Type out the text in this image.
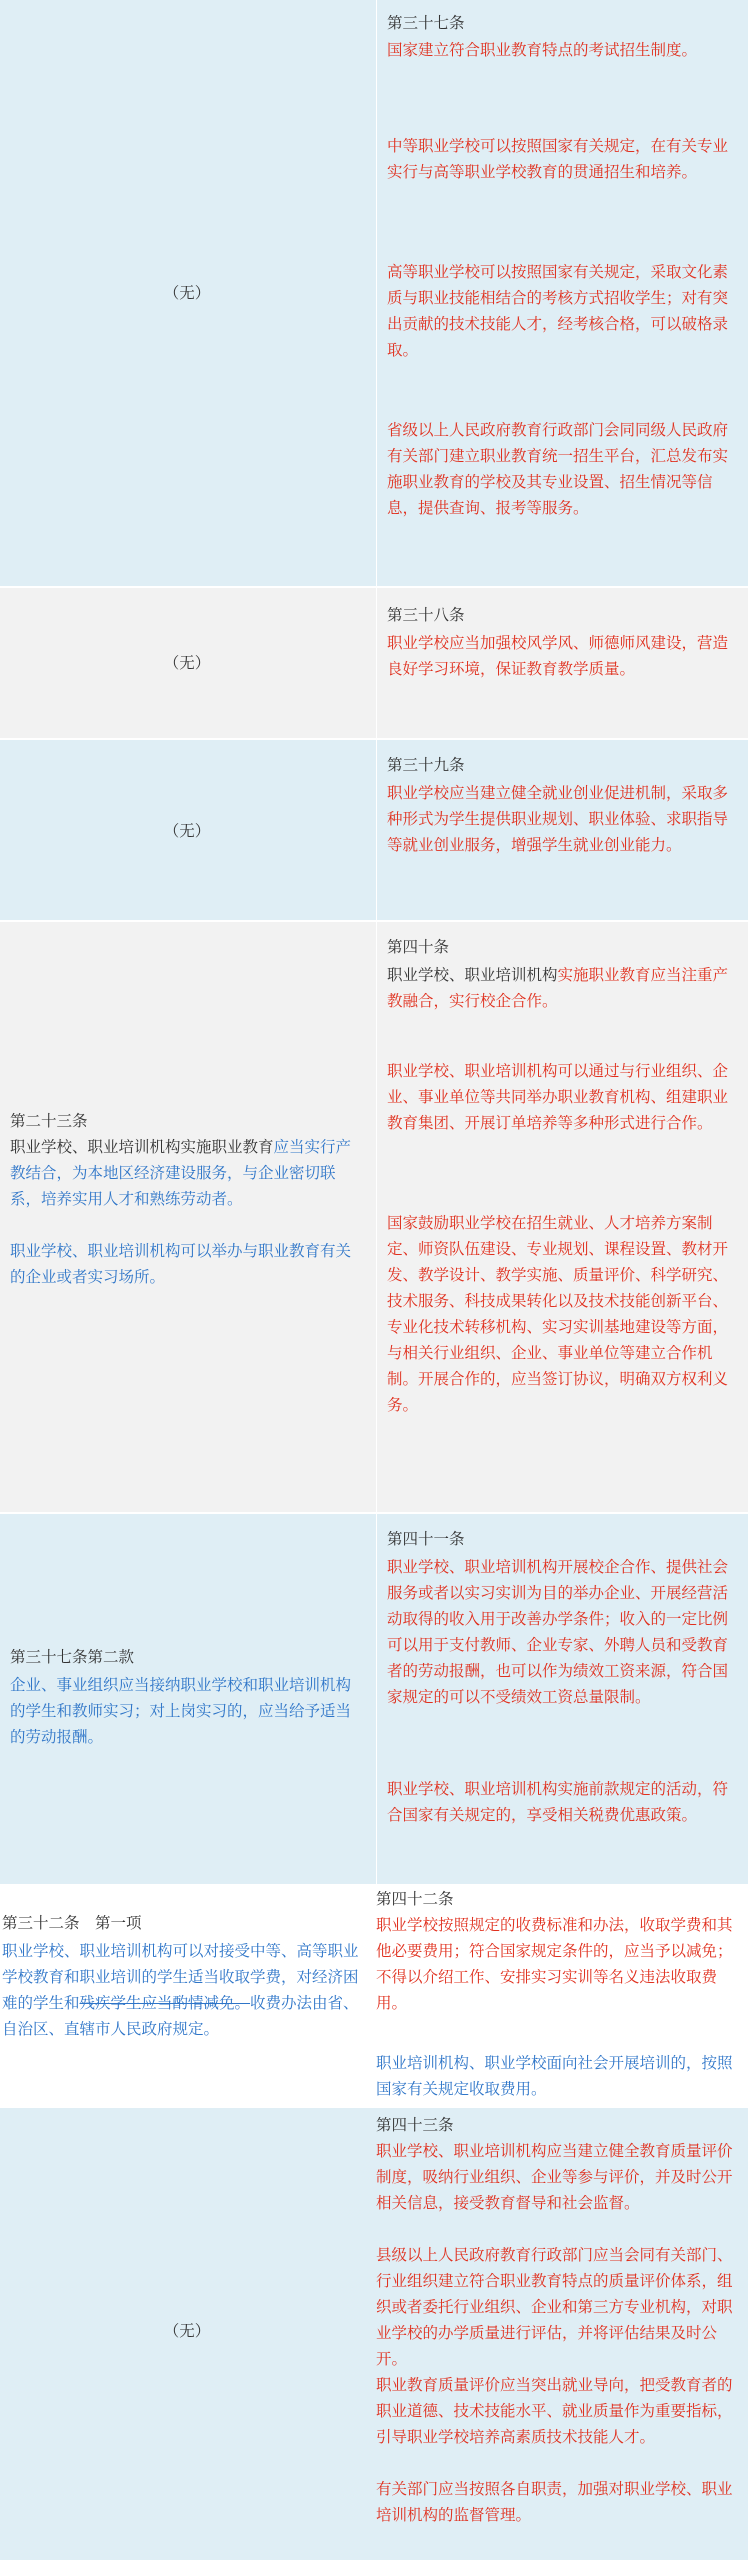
（无）
第三十七条
国家建立符合职业教育特点的考试招生制度。
中等职业学校可以按照国家有关规定，在有关专业实行与高等职业学校教育的贯通招生和培养。
高等职业学校可以按照国家有关规定，采取文化素质与职业技能相结合的考核方式招收学生；对有突出贡献的技术技能人才，经考核合格，可以破格录取。
省级以上人民政府教育行政部门会同同级人民政府有关部门建立职业教育统一招生平台，汇总发布实施职业教育的学校及其专业设置、招生情况等信息，提供查询、报考等服务。
（无）
第三十八条
职业学校应当加强校风学风、师德师风建设，营造良好学习环境，保证教育教学质量。
（无）
第三十九条
职业学校应当建立健全就业创业促进机制，采取多种形式为学生提供职业规划、职业体验、求职指导等就业创业服务，增强学生就业创业能力。
第二十三条
职业学校、职业培训机构实施职业教育应当实行产教结合，为本地区经济建设服务，与企业密切联系，培养实用人才和熟练劳动者。
职业学校、职业培训机构可以举办与职业教育有关的企业或者实习场所。
第四十条
职业学校、职业培训机构实施职业教育应当注重产教融合，实行校企合作。
职业学校、职业培训机构可以通过与行业组织、企业、事业单位等共同举办职业教育机构、组建职业教育集团、开展订单培养等多种形式进行合作。
国家鼓励职业学校在招生就业、人才培养方案制定、师资队伍建设、专业规划、课程设置、教材开发、教学设计、教学实施、质量评价、科学研究、技术服务、科技成果转化以及技术技能创新平台、专业化技术转移机构、实习实训基地建设等方面，与相关行业组织、企业、事业单位等建立合作机制。开展合作的，应当签订协议，明确双方权利义务。
第三十七条第二款
企业、事业组织应当接纳职业学校和职业培训机构的学生和教师实习；对上岗实习的，应当给予适当的劳动报酬。
第四十一条
职业学校、职业培训机构开展校企合作、提供社会服务或者以实习实训为目的举办企业、开展经营活动取得的收入用于改善办学条件；收入的一定比例可以用于支付教师、企业专家、外聘人员和受教育者的劳动报酬，也可以作为绩效工资来源，符合国家规定的可以不受绩效工资总量限制。
职业学校、职业培训机构实施前款规定的活动，符合国家有关规定的，享受相关税费优惠政策。
第三十二条　第一项
职业学校、职业培训机构可以对接受中等、高等职业学校教育和职业培训的学生适当收取学费，对经济困难的学生和残疾学生应当酌情减免。收费办法由省、自治区、直辖市人民政府规定。
第四十二条
职业学校按照规定的收费标准和办法，收取学费和其他必要费用；符合国家规定条件的，应当予以减免；不得以介绍工作、安排实习实训等名义违法收取费用。
职业培训机构、职业学校面向社会开展培训的，按照国家有关规定收取费用。
（无）
第四十三条
职业学校、职业培训机构应当建立健全教育质量评价制度，吸纳行业组织、企业等参与评价，并及时公开相关信息，接受教育督导和社会监督。
县级以上人民政府教育行政部门应当会同有关部门、行业组织建立符合职业教育特点的质量评价体系，组织或者委托行业组织、企业和第三方专业机构，对职业学校的办学质量进行评估，并将评估结果及时公开。
职业教育质量评价应当突出就业导向，把受教育者的职业道德、技术技能水平、就业质量作为重要指标，引导职业学校培养高素质技术技能人才。
有关部门应当按照各自职责，加强对职业学校、职业培训机构的监督管理。
